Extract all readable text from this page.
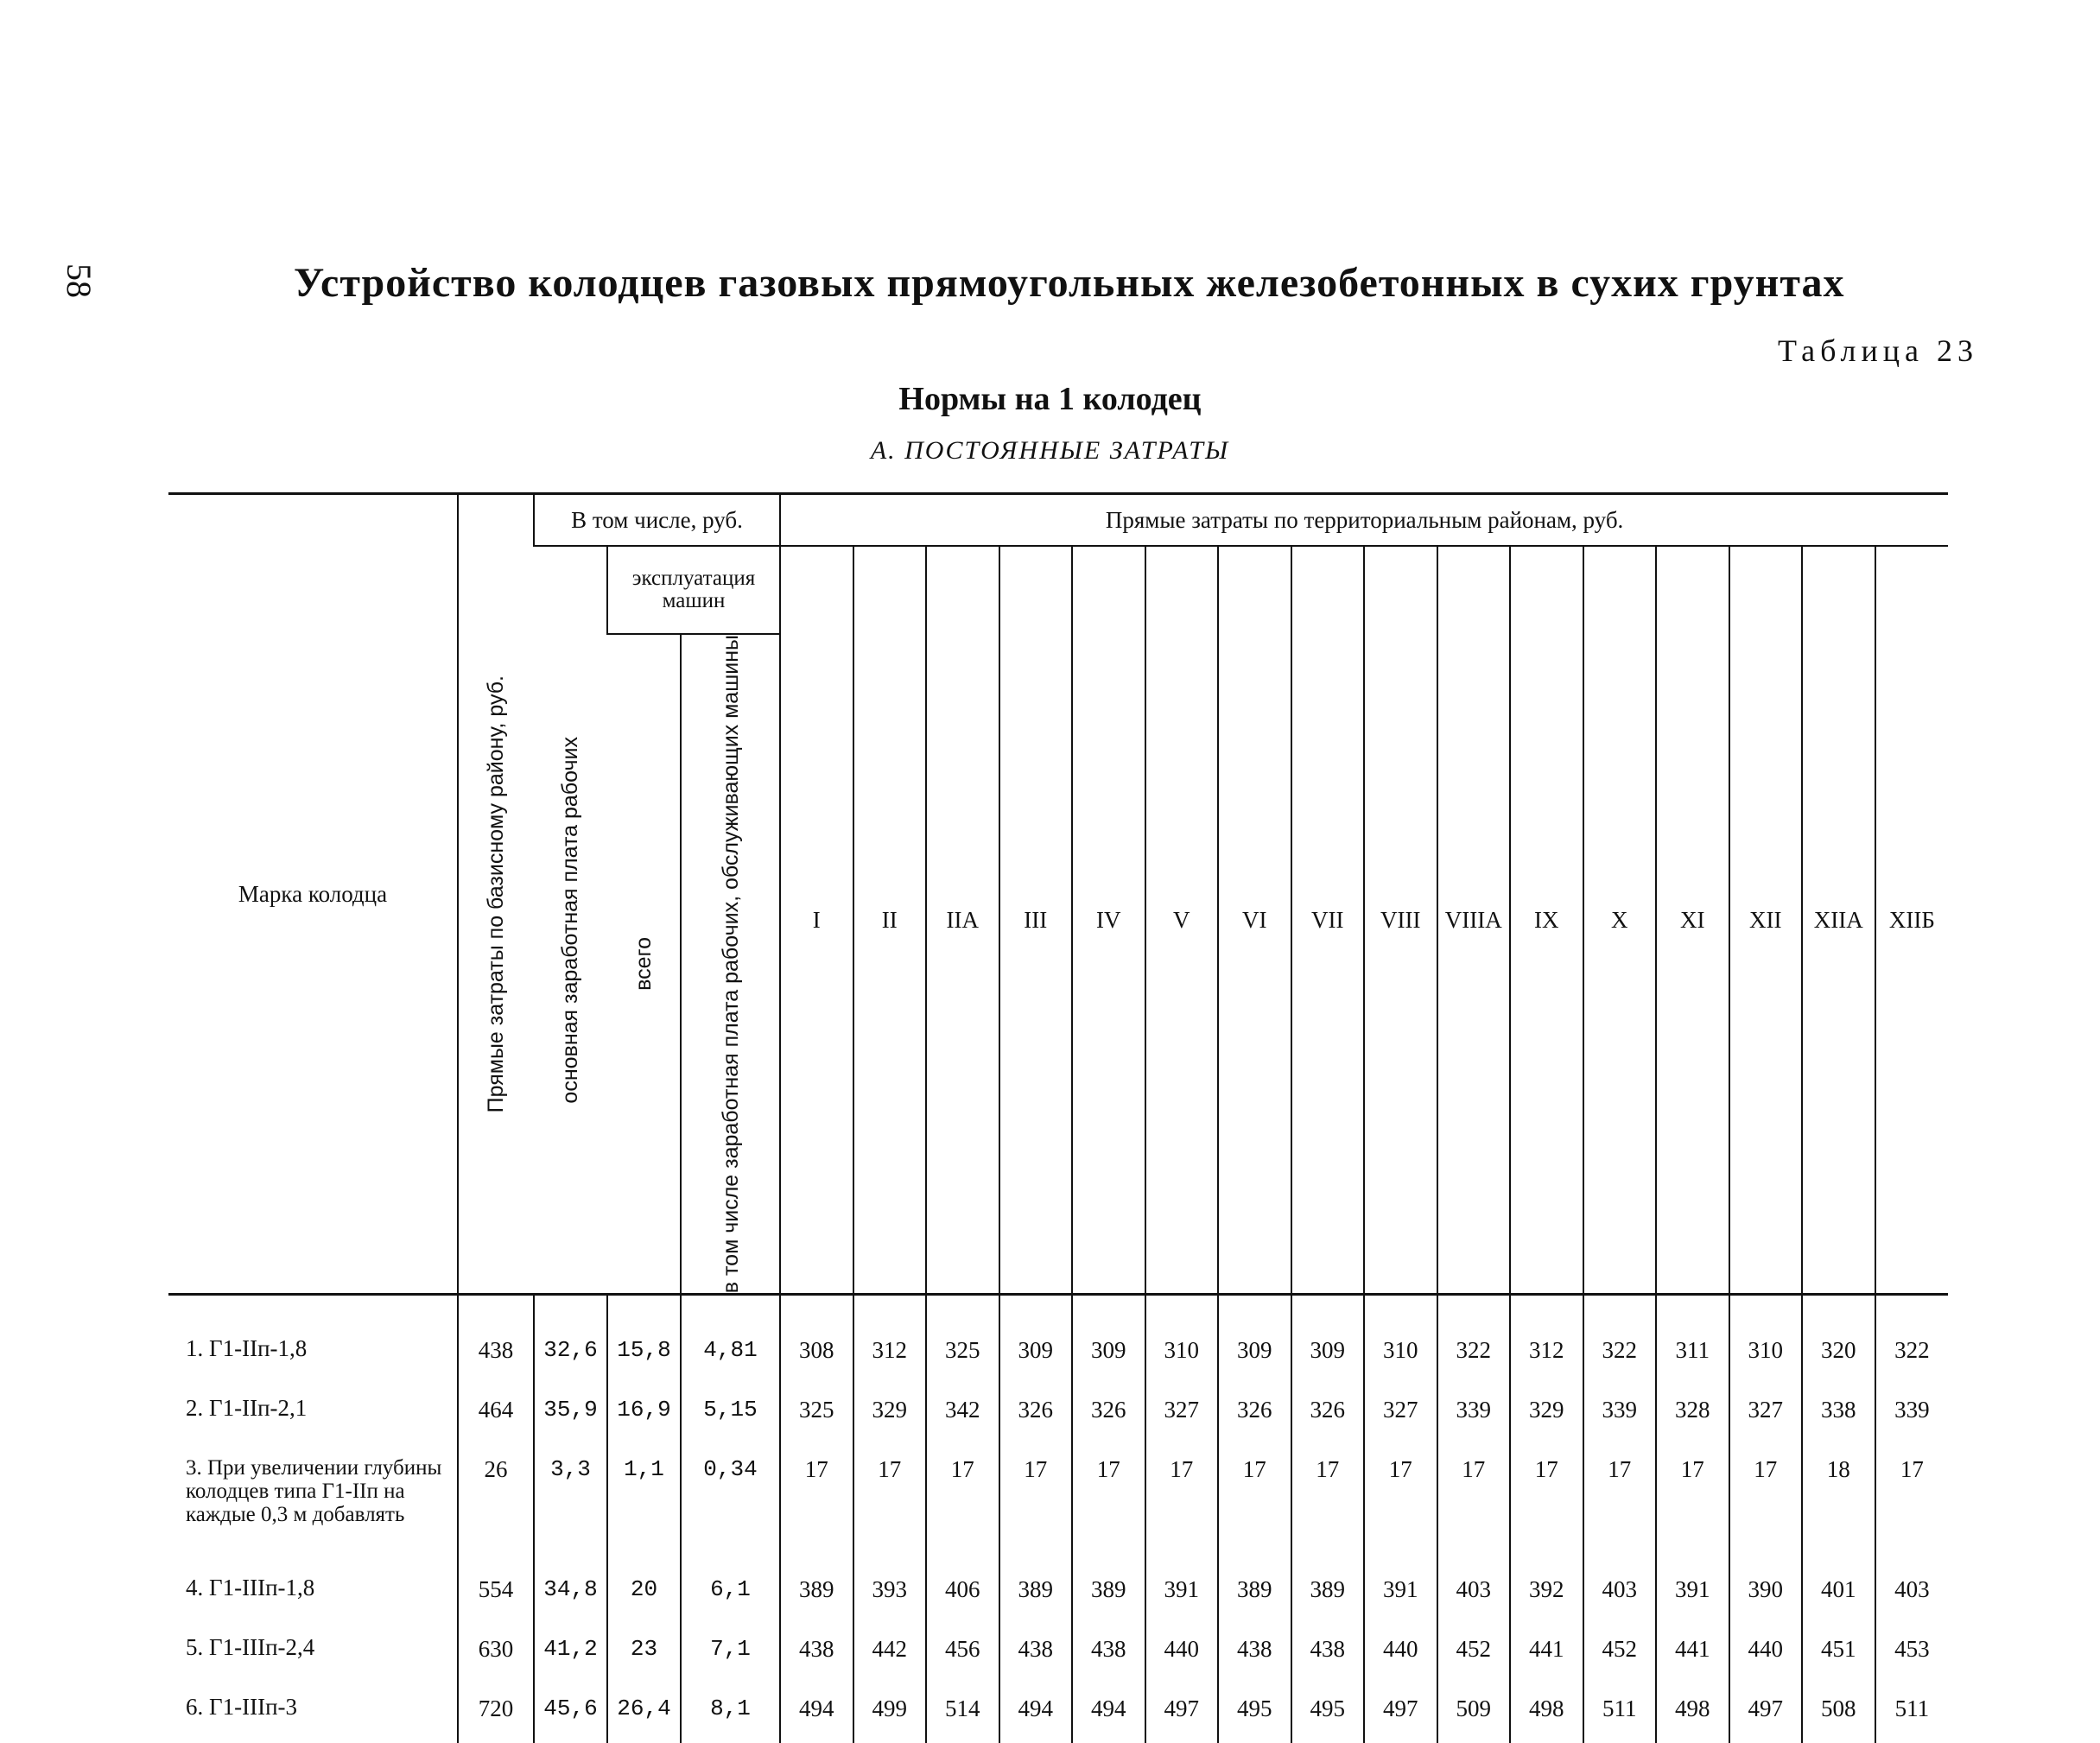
58	Устройство колодцев газовых прямоугольных железобетонных в сухих грунтах
Таблица 23
Нормы на 1 колодец
А. ПОСТОЯННЫЕ ЗАТРАТЫ
Марка колодца	Прямые затраты по базисному району, руб.	В том числе, руб.			Прямые затраты по территориальным районам, руб.															

		основная заработная плата рабочих	эксплуатация машин		I	II	IIA	III	IV	V	VI	VII	VIII	VIIIA	IX	X	XI	XII	XIIA	XIIБ

			всего	в том числе заработная плата рабочих, обслуживающих машины																

1. Г1-IIп-1,8	438	32,6	15,8	4,81	308	312	325	309	309	310	309	309	310	322	312	322	311	310	320	322
2. Г1-IIп-2,1	464	35,9	16,9	5,15	325	329	342	326	326	327	326	326	327	339	329	339	328	327	338	339
3. При увеличении глубины колодцев типа Г1-IIп на каждые 0,3 м добавлять	26	3,3	1,1	0,34	17	17	17	17	17	17	17	17	17	17	17	17	17	17	18	17
4. Г1-IIIп-1,8	554	34,8	20	6,1	389	393	406	389	389	391	389	389	391	403	392	403	391	390	401	403
5. Г1-IIIп-2,4	630	41,2	23	7,1	438	442	456	438	438	440	438	438	440	452	441	452	441	440	451	453
6. Г1-IIIп-3	720	45,6	26,4	8,1	494	499	514	494	494	497	495	495	497	509	498	511	498	497	508	511
